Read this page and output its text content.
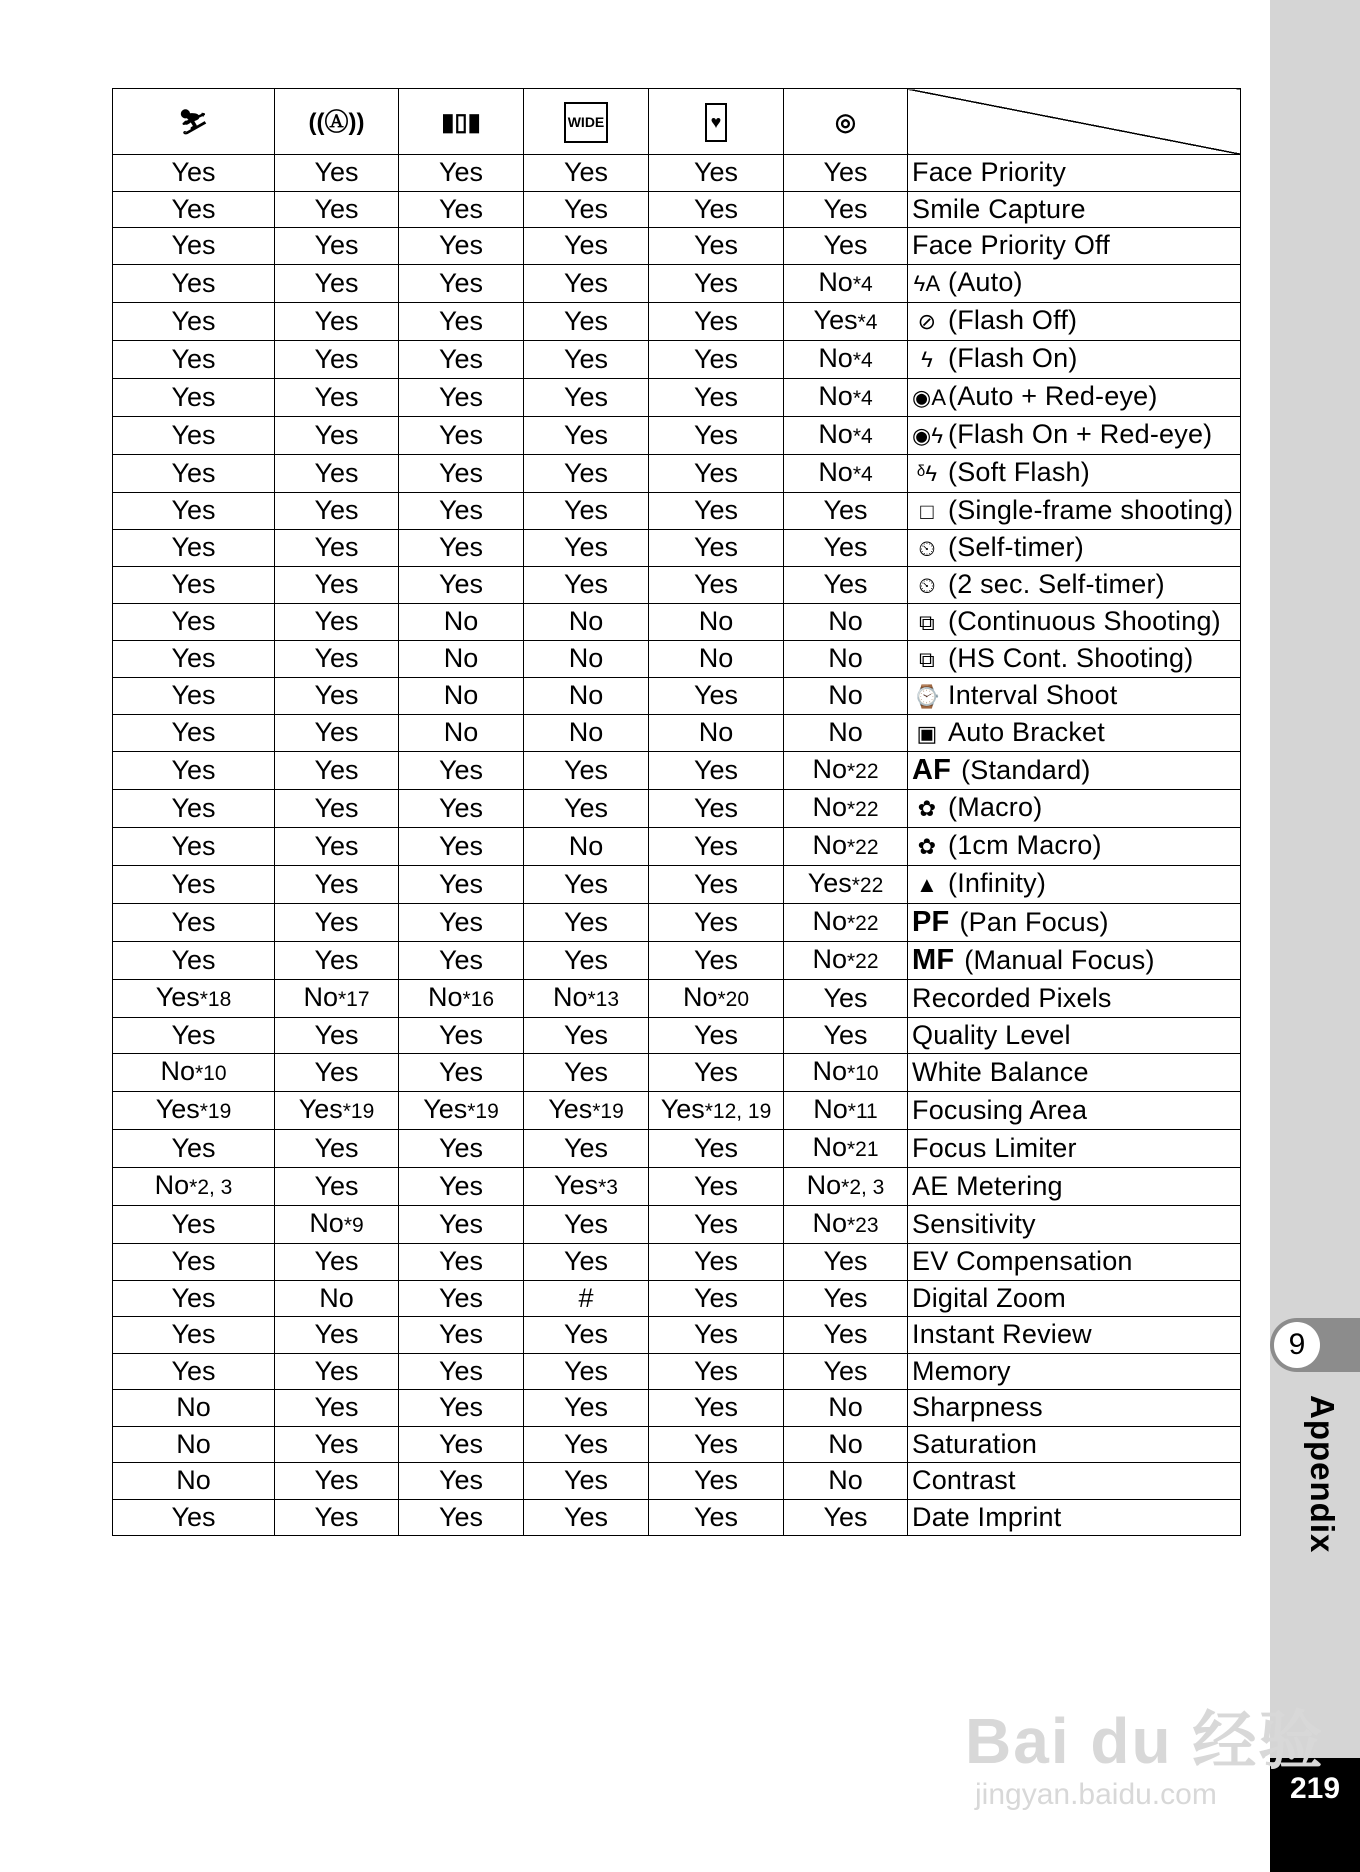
⛷	((Ⓐ))	▮▯▮	WIDE	♥	◎	
Yes	Yes	Yes	Yes	Yes	Yes	Face Priority
Yes	Yes	Yes	Yes	Yes	Yes	Smile Capture
Yes	Yes	Yes	Yes	Yes	Yes	Face Priority Off
Yes	Yes	Yes	Yes	Yes	No*4	ϟA (Auto)
Yes	Yes	Yes	Yes	Yes	Yes*4	⊘ (Flash Off)
Yes	Yes	Yes	Yes	Yes	No*4	ϟ (Flash On)
Yes	Yes	Yes	Yes	Yes	No*4	◉A(Auto + Red-eye)
Yes	Yes	Yes	Yes	Yes	No*4	◉ϟ (Flash On + Red-eye)
Yes	Yes	Yes	Yes	Yes	No*4	ᵟϟ (Soft Flash)
Yes	Yes	Yes	Yes	Yes	Yes	□ (Single-frame shooting)
Yes	Yes	Yes	Yes	Yes	Yes	⏲ (Self-timer)
Yes	Yes	Yes	Yes	Yes	Yes	⏲ (2 sec. Self-timer)
Yes	Yes	No	No	No	No	⧉ (Continuous Shooting)
Yes	Yes	No	No	No	No	⧉ (HS Cont. Shooting)
Yes	Yes	No	No	Yes	No	⌚ Interval Shoot
Yes	Yes	No	No	No	No	▣ Auto Bracket
Yes	Yes	Yes	Yes	Yes	No*22	AF (Standard)
Yes	Yes	Yes	Yes	Yes	No*22	✿ (Macro)
Yes	Yes	Yes	No	Yes	No*22	✿ (1cm Macro)
Yes	Yes	Yes	Yes	Yes	Yes*22	▲ (Infinity)
Yes	Yes	Yes	Yes	Yes	No*22	PF (Pan Focus)
Yes	Yes	Yes	Yes	Yes	No*22	MF (Manual Focus)
Yes*18	No*17	No*16	No*13	No*20	Yes	Recorded Pixels
Yes	Yes	Yes	Yes	Yes	Yes	Quality Level
No*10	Yes	Yes	Yes	Yes	No*10	White Balance
Yes*19	Yes*19	Yes*19	Yes*19	Yes*12, 19	No*11	Focusing Area
Yes	Yes	Yes	Yes	Yes	No*21	Focus Limiter
No*2, 3	Yes	Yes	Yes*3	Yes	No*2, 3	AE Metering
Yes	No*9	Yes	Yes	Yes	No*23	Sensitivity
Yes	Yes	Yes	Yes	Yes	Yes	EV Compensation
Yes	No	Yes	#	Yes	Yes	Digital Zoom
Yes	Yes	Yes	Yes	Yes	Yes	Instant Review
Yes	Yes	Yes	Yes	Yes	Yes	Memory
No	Yes	Yes	Yes	Yes	No	Sharpness
No	Yes	Yes	Yes	Yes	No	Saturation
No	Yes	Yes	Yes	Yes	No	Contrast
Yes	Yes	Yes	Yes	Yes	Yes	Date Imprint
9
Appendix
219
Bai du 经验
jingyan.baidu.com
